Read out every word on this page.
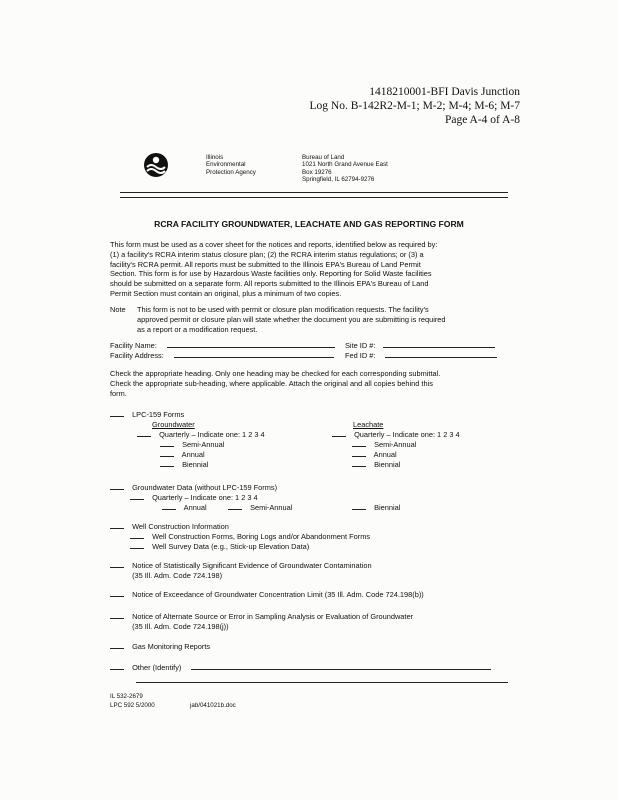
1418210001-BFI Davis Junction
Log No. B-142R2-M-1; M-2; M-4; M-6; M-7
Page A-4 of A-8
Illinois
Environmental
Protection Agency
Bureau of Land
1021 North Grand Avenue East
Box 19276
Springfield, IL 62794-9276
RCRA FACILITY GROUNDWATER, LEACHATE AND GAS REPORTING FORM
This form must be used as a cover sheet for the notices and reports, identified below as required by:
(1) a facility's RCRA interim status closure plan; (2) the RCRA interim status regulations; or (3) a
facility's RCRA permit. All reports must be submitted to the Illinois EPA's Bureau of Land Permit
Section. This form is for use by Hazardous Waste facilities only. Reporting for Solid Waste facilities
should be submitted on a separate form. All reports submitted to the Illinois EPA's Bureau of Land
Permit Section must contain an original, plus a minimum of two copies.
Note This form is not to be used with permit or closure plan modification requests. The facility's
approved permit or closure plan will state whether the document you are submitting is required
as a report or a modification request.
Facility Name:
Facility Address:
Site ID #:
Fed ID #:
Check the appropriate heading. Only one heading may be checked for each corresponding submittal.
Check the appropriate sub-heading, where applicable. Attach the original and all copies behind this
form.
LPC-159 Forms
Groundwater
Quarterly – Indicate one: 1 2 3 4
Semi-Annual
Annual
Biennial
Leachate
Quarterly – Indicate one: 1 2 3 4
Semi-Annual
Annual
Biennial
Groundwater Data (without LPC-159 Forms)
Quarterly – Indicate one: 1 2 3 4
Annual	Semi-Annual	Biennial
Well Construction Information
Well Construction Forms, Boring Logs and/or Abandonment Forms
Well Survey Data (e.g., Stick-up Elevation Data)

Notice of Statistically Significant Evidence of Groundwater Contamination
(35 Ill. Adm. Code 724.198)
Notice of Exceedance of Groundwater Concentration Limit (35 Ill. Adm. Code 724.198(b))

Notice of Alternate Source or Error in Sampling Analysis or Evaluation of Groundwater
(35 Ill. Adm. Code 724.198(j))
Gas Monitoring Reports
Other (Identify)
IL 532-2679
LPC 592 5/2000	jab/041021b.doc
